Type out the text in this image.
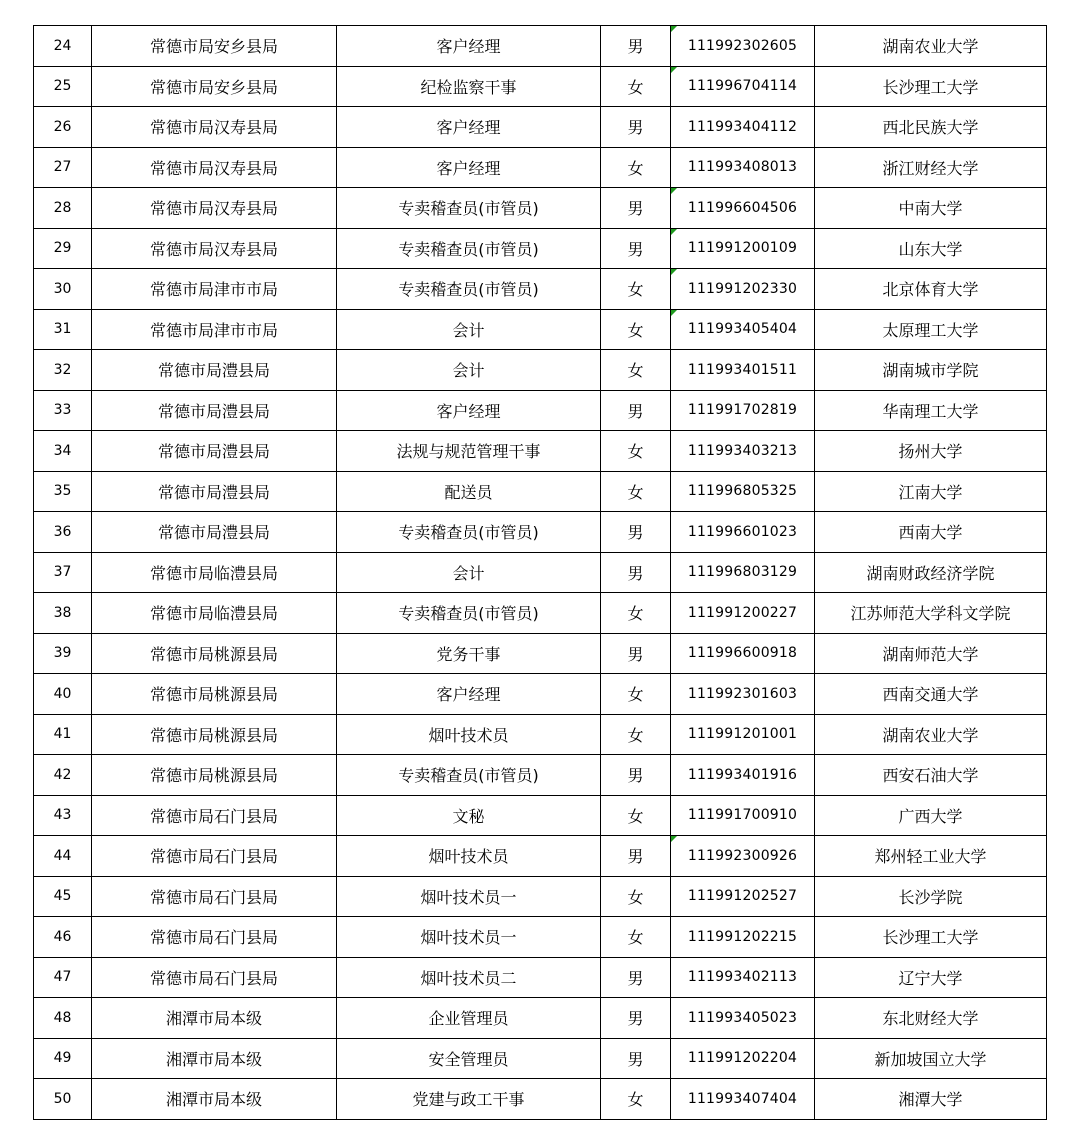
24	常德市局安乡县局	客户经理	男	111992302605	湖南农业大学
25	常德市局安乡县局	纪检监察干事	女	111996704114	长沙理工大学
26	常德市局汉寿县局	客户经理	男	111993404112	西北民族大学
27	常德市局汉寿县局	客户经理	女	111993408013	浙江财经大学
28	常德市局汉寿县局	专卖稽查员(市管员)	男	111996604506	中南大学
29	常德市局汉寿县局	专卖稽查员(市管员)	男	111991200109	山东大学
30	常德市局津市市局	专卖稽查员(市管员)	女	111991202330	北京体育大学
31	常德市局津市市局	会计	女	111993405404	太原理工大学
32	常德市局澧县局	会计	女	111993401511	湖南城市学院
33	常德市局澧县局	客户经理	男	111991702819	华南理工大学
34	常德市局澧县局	法规与规范管理干事	女	111993403213	扬州大学
35	常德市局澧县局	配送员	女	111996805325	江南大学
36	常德市局澧县局	专卖稽查员(市管员)	男	111996601023	西南大学
37	常德市局临澧县局	会计	男	111996803129	湖南财政经济学院
38	常德市局临澧县局	专卖稽查员(市管员)	女	111991200227	江苏师范大学科文学院
39	常德市局桃源县局	党务干事	男	111996600918	湖南师范大学
40	常德市局桃源县局	客户经理	女	111992301603	西南交通大学
41	常德市局桃源县局	烟叶技术员	女	111991201001	湖南农业大学
42	常德市局桃源县局	专卖稽查员(市管员)	男	111993401916	西安石油大学
43	常德市局石门县局	文秘	女	111991700910	广西大学
44	常德市局石门县局	烟叶技术员	男	111992300926	郑州轻工业大学
45	常德市局石门县局	烟叶技术员一	女	111991202527	长沙学院
46	常德市局石门县局	烟叶技术员一	女	111991202215	长沙理工大学
47	常德市局石门县局	烟叶技术员二	男	111993402113	辽宁大学
48	湘潭市局本级	企业管理员	男	111993405023	东北财经大学
49	湘潭市局本级	安全管理员	男	111991202204	新加坡国立大学
50	湘潭市局本级	党建与政工干事	女	111993407404	湘潭大学
